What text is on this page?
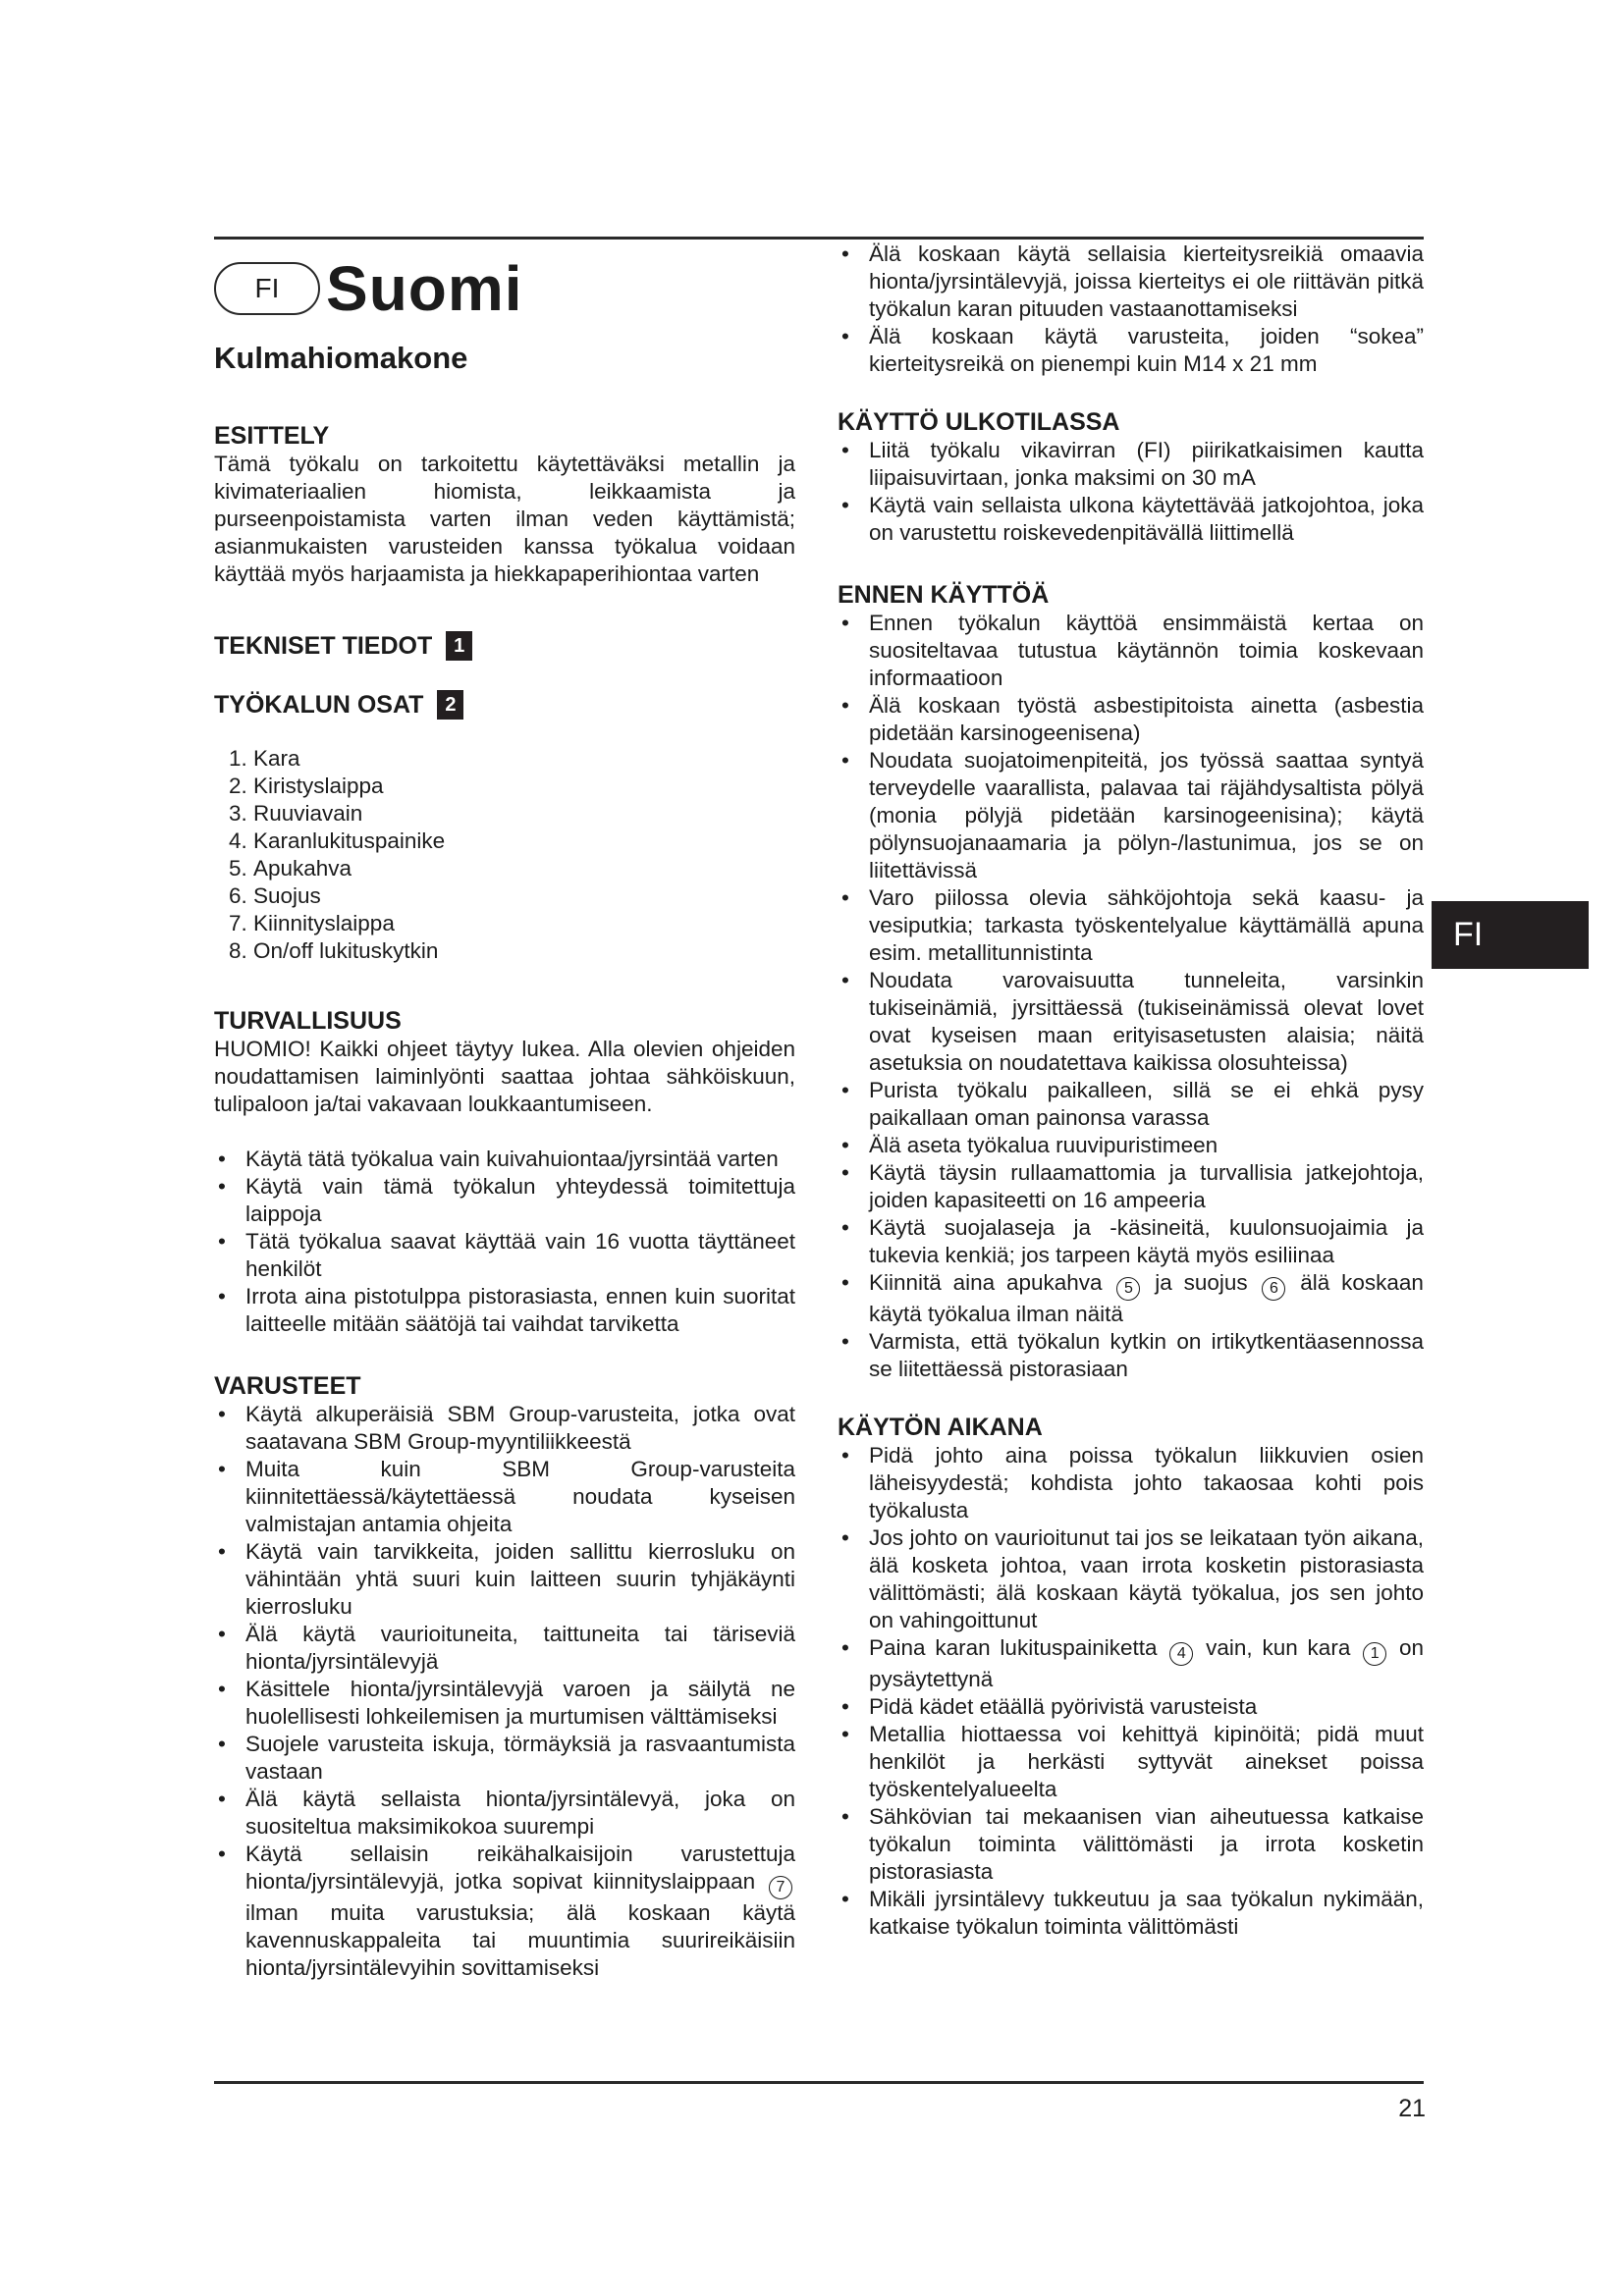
21
FI
FI Suomi
Kulmahiomakone
ESITTELY

Tämä työkalu on tarkoitettu käytettäväksi metallin ja kivimateriaalien hiomista, leikkaamista ja purseenpoistamista varten ilman veden käyttämistä; asianmukaisten varusteiden kanssa työkalua voidaan käyttää myös harjaamista ja hiekkapaperihiontaa varten

TEKNISET TIEDOT	1
TYÖKALUN OSAT	2
1. Kara
2. Kiristyslaippa
3. Ruuviavain
4. Karanlukituspainike
5. Apukahva
6. Suojus
7. Kiinnityslaippa
8. On/off lukituskytkin
TURVALLISUUS

HUOMIO! Kaikki ohjeet täytyy lukea. Alla olevien ohjeiden noudattamisen laiminlyönti saattaa johtaa sähköiskuun, tulipaloon ja/tai vakavaan loukkaantumiseen.

• Käytä tätä työkalua vain kuivahuiontaa/jyrsintää varten
• Käytä vain tämä työkalun yhteydessä toimitettuja laippoja
• Tätä työkalua saavat käyttää vain 16 vuotta täyttäneet henkilöt
• Irrota aina pistotulppa pistorasiasta, ennen kuin suoritat laitteelle mitään säätöjä tai vaihdat tarviketta
VARUSTEET
• Käytä alkuperäisiä SBM Group-varusteita, jotka ovat saatavana SBM Group-myyntiliikkeestä
• Muita kuin SBM Group-varusteita kiinnitettäessä/käytettäessä noudata kyseisen valmistajan antamia ohjeita
• Käytä vain tarvikkeita, joiden sallittu kierrosluku on vähintään yhtä suuri kuin laitteen suurin tyhjäkäynti kierrosluku
• Älä käytä vaurioituneita, taittuneita tai täriseviä hionta/jyrsintälevyjä
• Käsittele hionta/jyrsintälevyjä varoen ja säilytä ne huolellisesti lohkeilemisen ja murtumisen välttämiseksi
• Suojele varusteita iskuja, törmäyksiä ja rasvaantumista vastaan
• Älä käytä sellaista hionta/jyrsintälevyä, joka on suositeltua maksimikokoa suurempi
• Käytä sellaisin reikähalkaisijoin varustettuja hionta/jyrsintälevyjä, jotka sopivat kiinnityslaippaan 7 ilman muita varustuksia; älä koskaan käytä kavennuskappaleita tai muuntimia suurireikäisiin hionta/jyrsintälevyihin sovittamiseksi
• Älä koskaan käytä sellaisia kierteitysreikiä omaavia hionta/jyrsintälevyjä, joissa kierteitys ei ole riittävän pitkä työkalun karan pituuden vastaanottamiseksi
• Älä koskaan käytä varusteita, joiden “sokea” kierteitysreikä on pienempi kuin M14 x 21 mm
KÄYTTÖ ULKOTILASSA
• Liitä työkalu vikavirran (FI) piirikatkaisimen kautta liipaisuvirtaan, jonka maksimi on 30 mA
• Käytä vain sellaista ulkona käytettävää jatkojohtoa, joka on varustettu roiskevedenpitävällä liittimellä
ENNEN KÄYTTÖÄ
• Ennen työkalun käyttöä ensimmäistä kertaa on suositeltavaa tutustua käytännön toimia koskevaan informaatioon
• Älä koskaan työstä asbestipitoista ainetta (asbestia pidetään karsinogeenisena)
• Noudata suojatoimenpiteitä, jos työssä saattaa syntyä terveydelle vaarallista, palavaa tai räjähdysaltista pölyä (monia pölyjä pidetään karsinogeenisina); käytä pölynsuojanaamaria ja pölyn-/lastunimua, jos se on liitettävissä
• Varo piilossa olevia sähköjohtoja sekä kaasu- ja vesiputkia; tarkasta työskentelyalue käyttämällä apuna esim. metallitunnistinta
• Noudata varovaisuutta tunneleita, varsinkin tukiseinämiä, jyrsittäessä (tukiseinämissä olevat lovet ovat kyseisen maan erityisasetusten alaisia; näitä asetuksia on noudatettava kaikissa olosuhteissa)
• Purista työkalu paikalleen, sillä se ei ehkä pysy paikallaan oman painonsa varassa
• Älä aseta työkalua ruuvipuristimeen
• Käytä täysin rullaamattomia ja turvallisia jatkejohtoja, joiden kapasiteetti on 16 ampeeria
• Käytä suojalaseja ja -käsineitä, kuulonsuojaimia ja tukevia kenkiä; jos tarpeen käytä myös esiliinaa
• Kiinnitä aina apukahva 5 ja suojus 6 älä koskaan käytä työkalua ilman näitä
• Varmista, että työkalun kytkin on irtikytkentäasennossa se liitettäessä pistorasiaan
KÄYTÖN AIKANA
• Pidä johto aina poissa työkalun liikkuvien osien läheisyydestä; kohdista johto takaosaa kohti pois työkalusta
• Jos johto on vaurioitunut tai jos se leikataan työn aikana, älä kosketa johtoa, vaan irrota kosketin pistorasiasta välittömästi; älä koskaan käytä työkalua, jos sen johto on vahingoittunut
• Paina karan lukituspainiketta 4 vain, kun kara 1 on pysäytettynä
• Pidä kädet etäällä pyörivistä varusteista
• Metallia hiottaessa voi kehittyä kipinöitä; pidä muut henkilöt ja herkästi syttyvät ainekset poissa työskentelyalueelta
• Sähkövian tai mekaanisen vian aiheutuessa katkaise työkalun toiminta välittömästi ja irrota kosketin pistorasiasta
• Mikäli jyrsintälevy tukkeutuu ja saa työkalun nykimään, katkaise työkalun toiminta välittömästi
